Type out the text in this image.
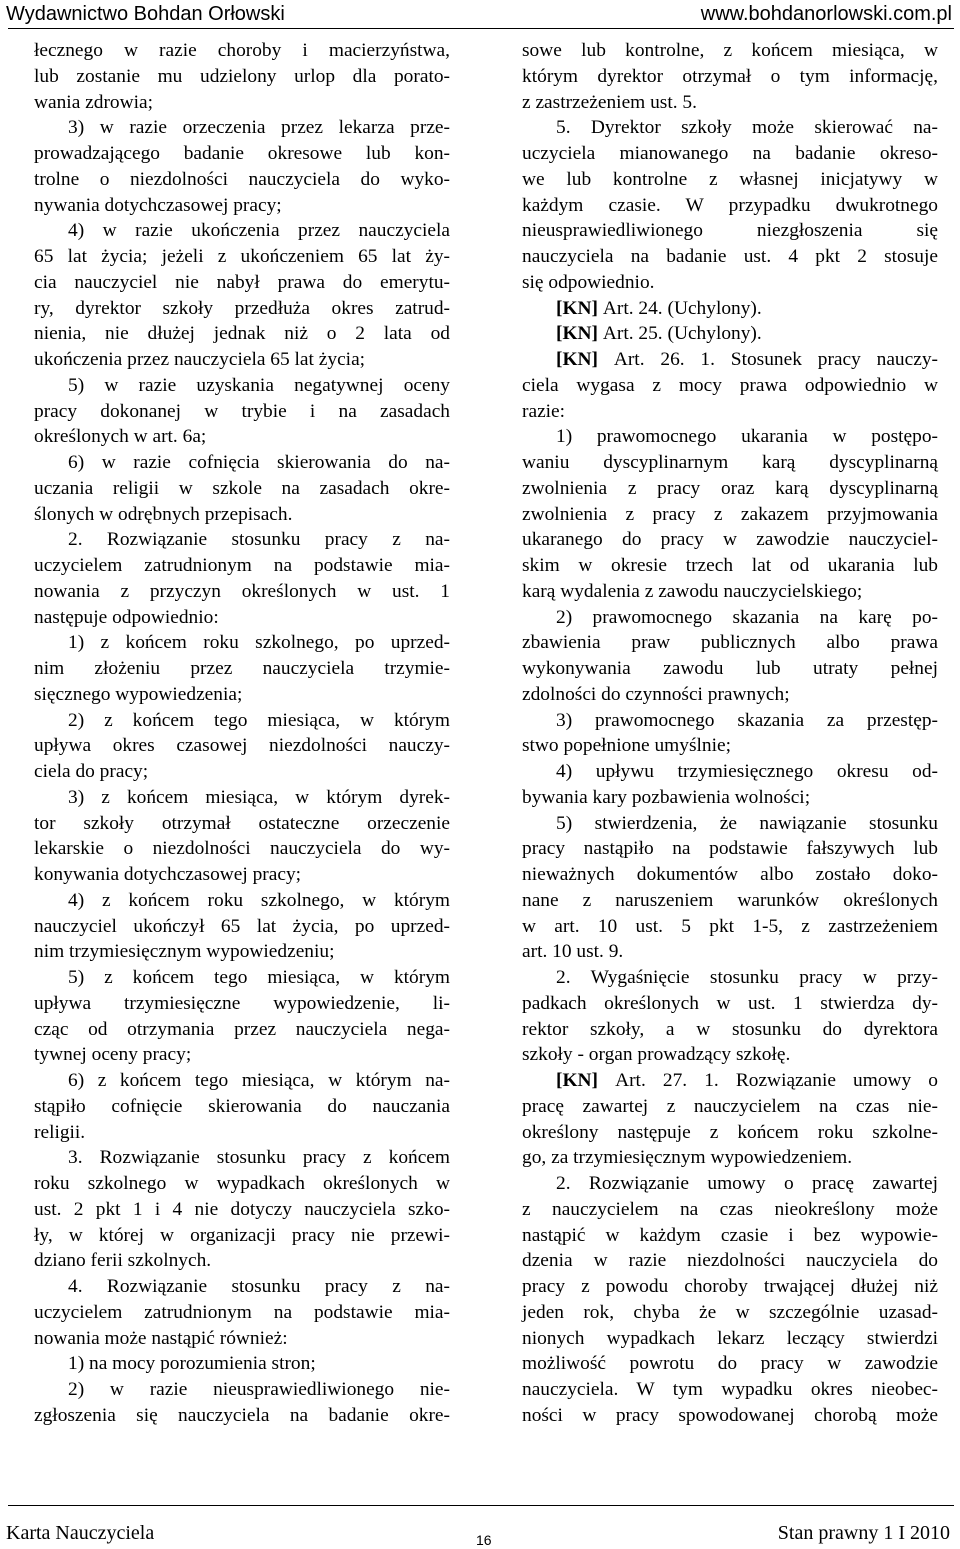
Wydawnictwo Bohdan Orłowski	www.bohdanorlowski.com.pl
łecznego w razie choroby i macierzyństwa,
lub zostanie mu udzielony urlop dla porato-
wania zdrowia;
3) w razie orzeczenia przez lekarza prze-
prowadzającego badanie okresowe lub kon-
trolne o niezdolności nauczyciela do wyko-
nywania dotychczasowej pracy;
4) w razie ukończenia przez nauczyciela
65 lat życia; jeżeli z ukończeniem 65 lat ży-
cia nauczyciel nie nabył prawa do emerytu-
ry, dyrektor szkoły przedłuża okres zatrud-
nienia, nie dłużej jednak niż o 2 lata od
ukończenia przez nauczyciela 65 lat życia;
5) w razie uzyskania negatywnej oceny
pracy dokonanej w trybie i na zasadach
określonych w art. 6a;
6) w razie cofnięcia skierowania do na-
uczania religii w szkole na zasadach okre-
ślonych w odrębnych przepisach.
2. Rozwiązanie stosunku pracy z na-
uczycielem zatrudnionym na podstawie mia-
nowania z przyczyn określonych w ust. 1
następuje odpowiednio:
1) z końcem roku szkolnego, po uprzed-
nim złożeniu przez nauczyciela trzymie-
sięcznego wypowiedzenia;
2) z końcem tego miesiąca, w którym
upływa okres czasowej niezdolności nauczy-
ciela do pracy;
3) z końcem miesiąca, w którym dyrek-
tor szkoły otrzymał ostateczne orzeczenie
lekarskie o niezdolności nauczyciela do wy-
konywania dotychczasowej pracy;
4) z końcem roku szkolnego, w którym
nauczyciel ukończył 65 lat życia, po uprzed-
nim trzymiesięcznym wypowiedzeniu;
5) z końcem tego miesiąca, w którym
upływa trzymiesięczne wypowiedzenie, li-
cząc od otrzymania przez nauczyciela nega-
tywnej oceny pracy;
6) z końcem tego miesiąca, w którym na-
stąpiło cofnięcie skierowania do nauczania
religii.
3. Rozwiązanie stosunku pracy z końcem
roku szkolnego w wypadkach określonych w
ust. 2 pkt 1 i 4 nie dotyczy nauczyciela szko-
ły, w której w organizacji pracy nie przewi-
dziano ferii szkolnych.
4. Rozwiązanie stosunku pracy z na-
uczycielem zatrudnionym na podstawie mia-
nowania może nastąpić również:
1) na mocy porozumienia stron;
2) w razie nieusprawiedliwionego nie-
zgłoszenia się nauczyciela na badanie okre-
sowe lub kontrolne, z końcem miesiąca, w
którym dyrektor otrzymał o tym informację,
z zastrzeżeniem ust. 5.
5. Dyrektor szkoły może skierować na-
uczyciela mianowanego na badanie okreso-
we lub kontrolne z własnej inicjatywy w
każdym czasie. W przypadku dwukrotnego
nieusprawiedliwionego niezgłoszenia się
nauczyciela na badanie ust. 4 pkt 2 stosuje
się odpowiednio.
[KN] Art. 24. (Uchylony).
[KN] Art. 25. (Uchylony).
[KN] Art. 26. 1. Stosunek pracy nauczy-
ciela wygasa z mocy prawa odpowiednio w
razie:
1) prawomocnego ukarania w postępo-
waniu dyscyplinarnym karą dyscyplinarną
zwolnienia z pracy oraz karą dyscyplinarną
zwolnienia z pracy z zakazem przyjmowania
ukaranego do pracy w zawodzie nauczyciel-
skim w okresie trzech lat od ukarania lub
karą wydalenia z zawodu nauczycielskiego;
2) prawomocnego skazania na karę po-
zbawienia praw publicznych albo prawa
wykonywania zawodu lub utraty pełnej
zdolności do czynności prawnych;
3) prawomocnego skazania za przestęp-
stwo popełnione umyślnie;
4) upływu trzymiesięcznego okresu od-
bywania kary pozbawienia wolności;
5) stwierdzenia, że nawiązanie stosunku
pracy nastąpiło na podstawie fałszywych lub
nieważnych dokumentów albo zostało doko-
nane z naruszeniem warunków określonych
w art. 10 ust. 5 pkt 1-5, z zastrzeżeniem
art. 10 ust. 9.
2. Wygaśnięcie stosunku pracy w przy-
padkach określonych w ust. 1 stwierdza dy-
rektor szkoły, a w stosunku do dyrektora
szkoły - organ prowadzący szkołę.
[KN] Art. 27. 1. Rozwiązanie umowy o
pracę zawartej z nauczycielem na czas nie-
określony następuje z końcem roku szkolne-
go, za trzymiesięcznym wypowiedzeniem.
2. Rozwiązanie umowy o pracę zawartej
z nauczycielem na czas nieokreślony może
nastąpić w każdym czasie i bez wypowie-
dzenia w razie niezdolności nauczyciela do
pracy z powodu choroby trwającej dłużej niż
jeden rok, chyba że w szczególnie uzasad-
nionych wypadkach lekarz leczący stwierdzi
możliwość powrotu do pracy w zawodzie
nauczyciela. W tym wypadku okres nieobec-
ności w pracy spowodowanej chorobą może
Karta Nauczyciela	16	Stan prawny 1 I 2010
